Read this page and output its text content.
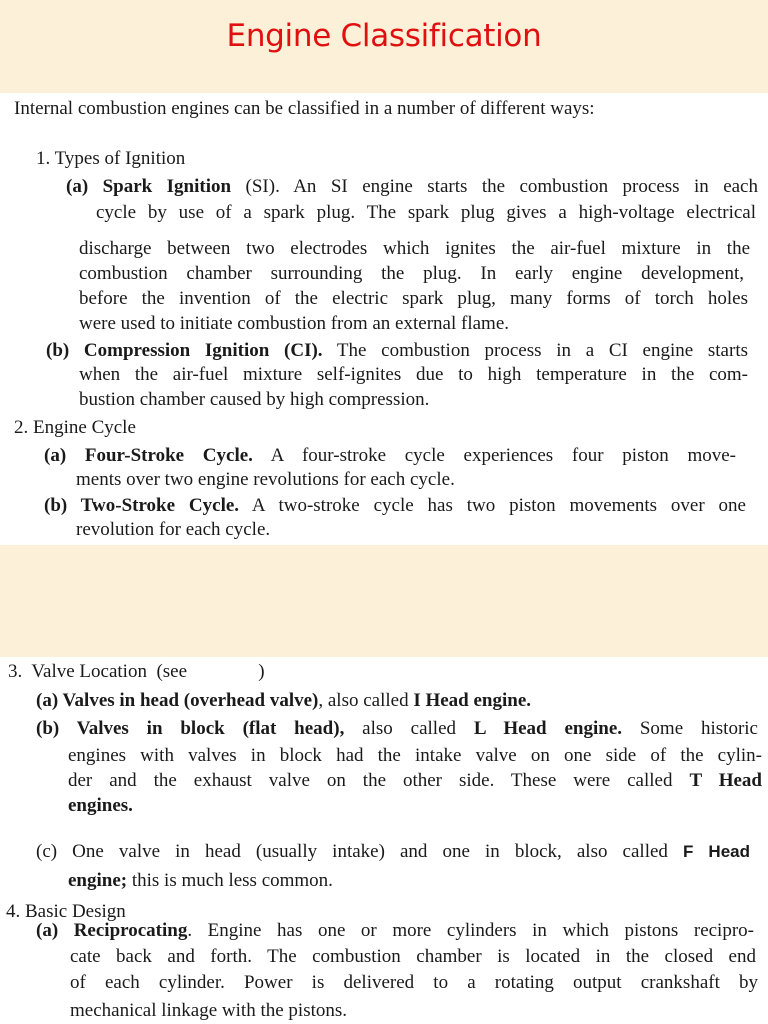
Engine Classification
Internal combustion engines can be classified in a number of different ways:
1. Types of Ignition
(a) Spark Ignition (SI). An SI engine starts the combustion process in each
cycle by use of a spark plug. The spark plug gives a high-voltage electrical
discharge between two electrodes which ignites the air-fuel mixture in the
combustion chamber surrounding the plug. In early engine development,
before the invention of the electric spark plug, many forms of torch holes
were used to initiate combustion from an external flame.
(b) Compression Ignition (CI). The combustion process in a CI engine starts
when the air-fuel mixture self-ignites due to high temperature in the com-
bustion chamber caused by high compression.
2. Engine Cycle
(a) Four-Stroke Cycle. A four-stroke cycle experiences four piston move-
ments over two engine revolutions for each cycle.
(b) Two-Stroke Cycle. A two-stroke cycle has two piston movements over one
revolution for each cycle.
3.  Valve Location  (see               )
(a) Valves in head (overhead valve), also called I Head engine.
(b) Valves in block (flat head), also called L Head engine. Some historic
engines with valves in block had the intake valve on one side of the cylin-
der and the exhaust valve on the other side. These were called T Head
engines.
(c) One valve in head (usually intake) and one in block, also called F Head
engine; this is much less common.
4. Basic Design
(a) Reciprocating. Engine has one or more cylinders in which pistons recipro-
cate back and forth. The combustion chamber is located in the closed end
of each cylinder. Power is delivered to a rotating output crankshaft by
mechanical linkage with the pistons.
